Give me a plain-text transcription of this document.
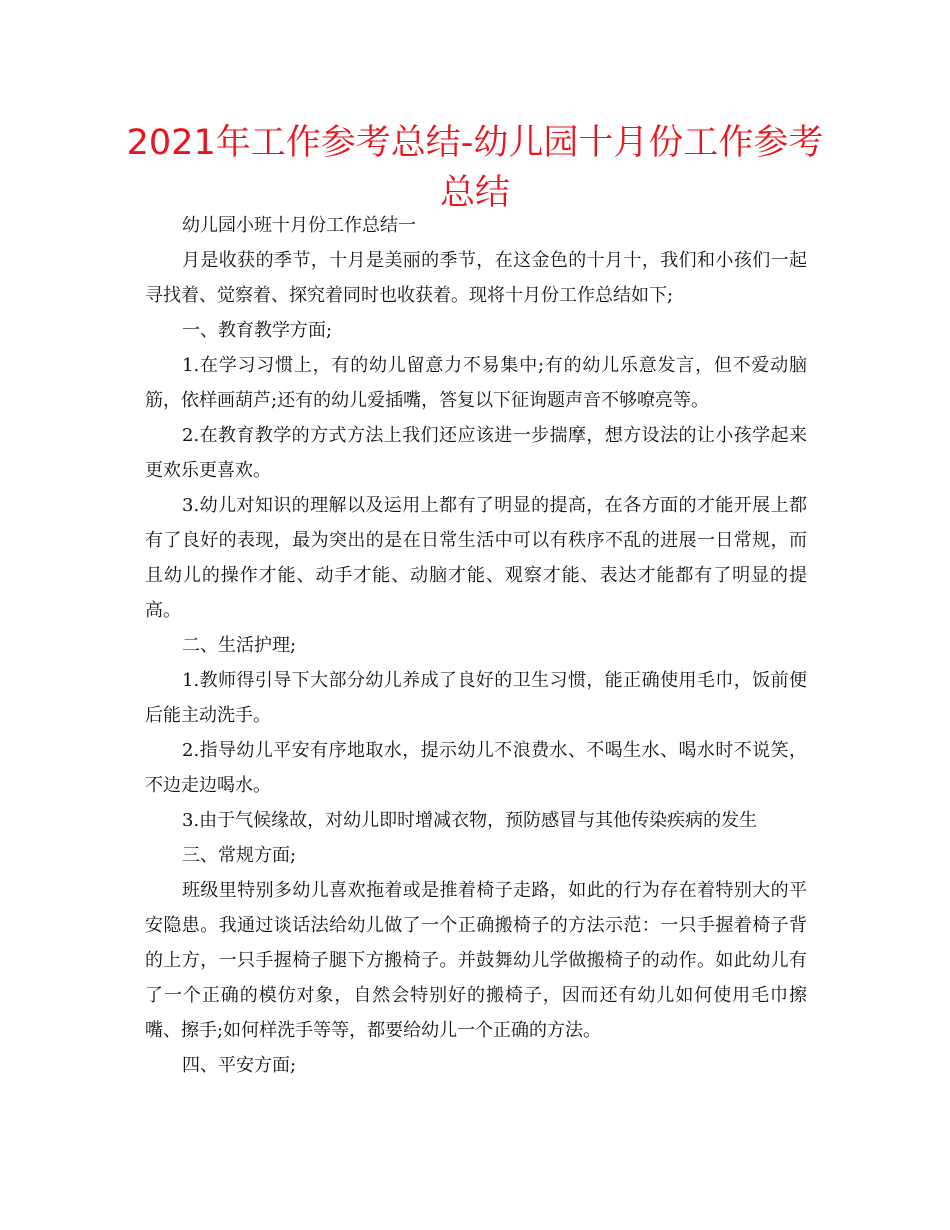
2021年工作参考总结-幼儿园十月份工作参考总结

幼儿园小班十月份工作总结一

月是收获的季节，十月是美丽的季节，在这金色的十月十，我们和小孩们一起寻找着、觉察着、探究着同时也收获着。现将十月份工作总结如下;

一、教育教学方面;

1.在学习习惯上，有的幼儿留意力不易集中;有的幼儿乐意发言，但不爱动脑筋，依样画葫芦;还有的幼儿爱插嘴，答复以下征询题声音不够嘹亮等。

2.在教育教学的方式方法上我们还应该进一步揣摩，想方设法的让小孩学起来更欢乐更喜欢。

3.幼儿对知识的理解以及运用上都有了明显的提高，在各方面的才能开展上都有了良好的表现，最为突出的是在日常生活中可以有秩序不乱的进展一日常规，而且幼儿的操作才能、动手才能、动脑才能、观察才能、表达才能都有了明显的提高。

二、生活护理;

1.教师得引导下大部分幼儿养成了良好的卫生习惯，能正确使用毛巾，饭前便后能主动洗手。

2.指导幼儿平安有序地取水，提示幼儿不浪费水、不喝生水、喝水时不说笑，不边走边喝水。

3.由于气候缘故，对幼儿即时增减衣物，预防感冒与其他传染疾病的发生

三、常规方面;

班级里特别多幼儿喜欢拖着或是推着椅子走路，如此的行为存在着特别大的平安隐患。我通过谈话法给幼儿做了一个正确搬椅子的方法示范：一只手握着椅子背的上方，一只手握椅子腿下方搬椅子。并鼓舞幼儿学做搬椅子的动作。如此幼儿有了一个正确的模仿对象，自然会特别好的搬椅子，因而还有幼儿如何使用毛巾擦嘴、擦手;如何样洗手等等，都要给幼儿一个正确的方法。

四、平安方面;
